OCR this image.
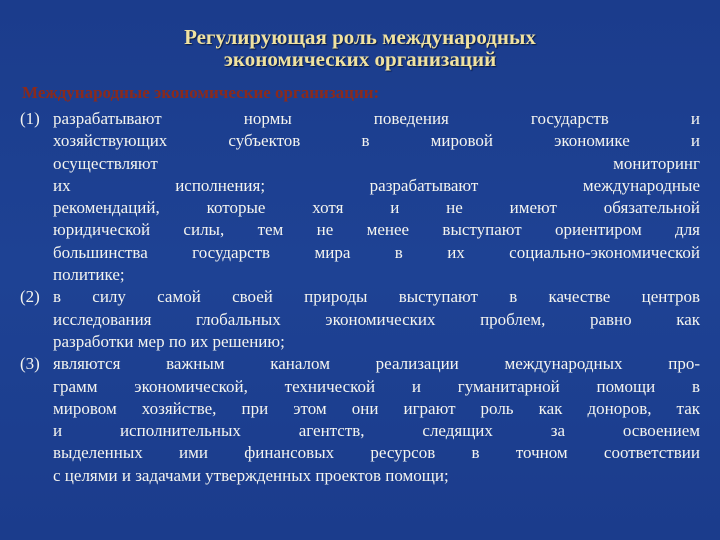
Регулирующая роль международных
экономических организаций
Международные экономические организации:
(1) разрабатывают нормы поведения государств и
хозяйствующих субъектов в мировой экономике и
осуществляют мониторинг
их исполнения; разрабатывают международные
рекомендаций, которые хотя и не имеют обязательной
юридической силы, тем не менее выступают ориентиром для
большинства государств мира в их социально-экономической
политике;
(2) в силу самой своей природы выступают в качестве центров
исследования глобальных экономических проблем, равно как
разработки мер по их решению;
(3) являются важным каналом реализации международных про-
грамм экономической, технической и гуманитарной помощи в
мировом хозяйстве, при этом они играют роль как доноров, так
и исполнительных агентств, следящих за освоением
выделенных ими финансовых ресурсов в точном соответствии
с целями и задачами утвержденных проектов помощи;
